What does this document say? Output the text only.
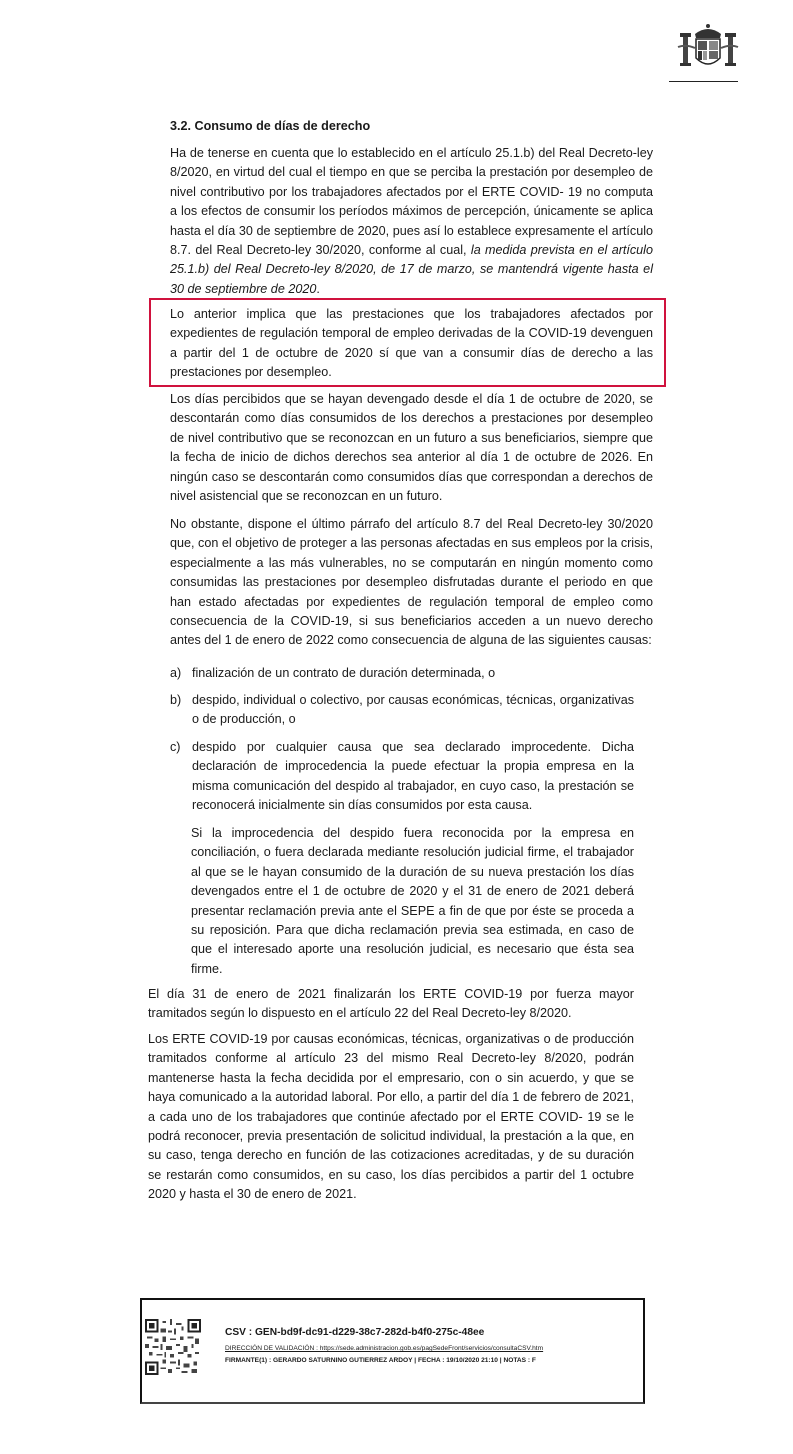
3.2. Consumo de días de derecho

Ha de tenerse en cuenta que lo establecido en el artículo 25.1.b) del Real Decreto-ley 8/2020, en virtud del cual el tiempo en que se perciba la prestación por desempleo de nivel contributivo por los trabajadores afectados por el ERTE COVID- 19 no computa a los efectos de consumir los períodos máximos de percepción, únicamente se aplica hasta el día 30 de septiembre de 2020, pues así lo establece expresamente el artículo 8.7. del Real Decreto-ley 30/2020, conforme al cual, la medida prevista en el artículo 25.1.b) del Real Decreto-ley 8/2020, de 17 de marzo, se mantendrá vigente hasta el 30 de septiembre de 2020.

Lo anterior implica que las prestaciones que los trabajadores afectados por expedientes de regulación temporal de empleo derivadas de la COVID-19 devenguen a partir del 1 de octubre de 2020 sí que van a consumir días de derecho a las prestaciones por desempleo.

Los días percibidos que se hayan devengado desde el día 1 de octubre de 2020, se descontarán como días consumidos de los derechos a prestaciones por desempleo de nivel contributivo que se reconozcan en un futuro a sus beneficiarios, siempre que la fecha de inicio de dichos derechos sea anterior al día 1 de octubre de 2026. En ningún caso se descontarán como consumidos días que correspondan a derechos de nivel asistencial que se reconozcan en un futuro.

No obstante, dispone el último párrafo del artículo 8.7 del Real Decreto-ley 30/2020 que, con el objetivo de proteger a las personas afectadas en sus empleos por la crisis, especialmente a las más vulnerables, no se computarán en ningún momento como consumidas las prestaciones por desempleo disfrutadas durante el periodo en que han estado afectadas por expedientes de regulación temporal de empleo como consecuencia de la COVID-19, si sus beneficiarios acceden a un nuevo derecho antes del 1 de enero de 2022 como consecuencia de alguna de las siguientes causas:

a) finalización de un contrato de duración determinada, o
b) despido, individual o colectivo, por causas económicas, técnicas, organizativas o de producción, o
c) despido por cualquier causa que sea declarado improcedente. Dicha declaración de improcedencia la puede efectuar la propia empresa en la misma comunicación del despido al trabajador, en cuyo caso, la prestación se reconocerá inicialmente sin días consumidos por esta causa.

Si la improcedencia del despido fuera reconocida por la empresa en conciliación, o fuera declarada mediante resolución judicial firme, el trabajador al que se le hayan consumido de la duración de su nueva prestación los días devengados entre el 1 de octubre de 2020 y el 31 de enero de 2021 deberá presentar reclamación previa ante el SEPE a fin de que por éste se proceda a su reposición. Para que dicha reclamación previa sea estimada, en caso de que el interesado aporte una resolución judicial, es necesario que ésta sea firme.

El día 31 de enero de 2021 finalizarán los ERTE COVID-19 por fuerza mayor tramitados según lo dispuesto en el artículo 22 del Real Decreto-ley 8/2020.

Los ERTE COVID-19 por causas económicas, técnicas, organizativas o de producción tramitados conforme al artículo 23 del mismo Real Decreto-ley 8/2020, podrán mantenerse hasta la fecha decidida por el empresario, con o sin acuerdo, y que se haya comunicado a la autoridad laboral. Por ello, a partir del día 1 de febrero de 2021, a cada uno de los trabajadores que continúe afectado por el ERTE COVID- 19 se le podrá reconocer, previa presentación de solicitud individual, la prestación a la que, en su caso, tenga derecho en función de las cotizaciones acreditadas, y de su duración se restarán como consumidos, en su caso, los días percibidos a partir del 1 octubre 2020 y hasta el 30 de enero de 2021.

CSV : GEN-bd9f-dc91-d229-38c7-282d-b4f0-275c-48ee
DIRECCIÓN DE VALIDACIÓN : https://sede.administracion.gob.es/pagSedeFront/servicios/consultaCSV.htm
FIRMANTE(1) : GERARDO SATURNINO GUTIERREZ ARDOY | FECHA : 19/10/2020 21:10 | NOTAS : F
